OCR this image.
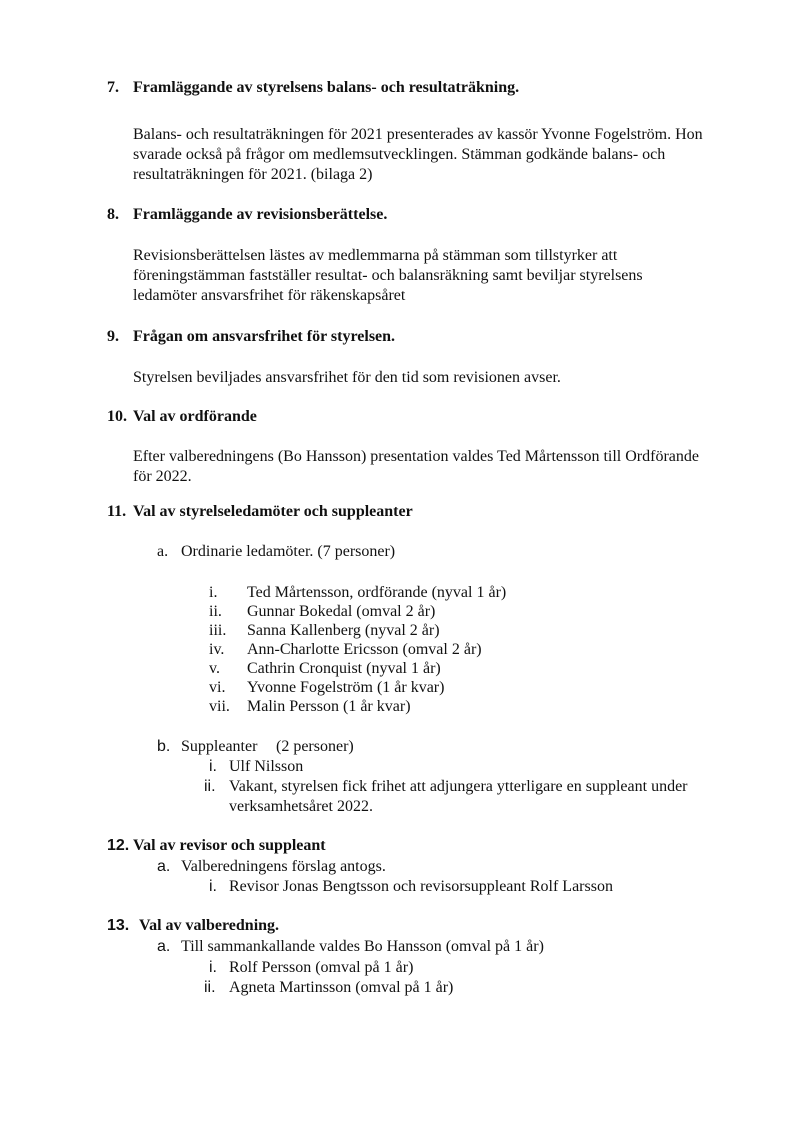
7. Framläggande av styrelsens balans- och resultaträkning.
Balans- och resultaträkningen för 2021 presenterades av kassör Yvonne Fogelström. Hon
svarade också på frågor om medlemsutvecklingen. Stämman godkände balans- och
resultaträkningen för 2021. (bilaga 2)
8. Framläggande av revisionsberättelse.
Revisionsberättelsen lästes av medlemmarna på stämman som tillstyrker att
föreningstämman fastställer resultat- och balansräkning samt beviljar styrelsens
ledamöter ansvarsfrihet för räkenskapsåret
9. Frågan om ansvarsfrihet för styrelsen.
Styrelsen beviljades ansvarsfrihet för den tid som revisionen avser.
10. Val av ordförande
Efter valberedningens (Bo Hansson) presentation valdes Ted Mårtensson till Ordförande
för 2022.
11. Val av styrelseledamöter och suppleanter
a. Ordinarie ledamöter. (7 personer)
i. Ted Mårtensson, ordförande (nyval 1 år)
ii. Gunnar Bokedal (omval 2 år)
iii. Sanna Kallenberg (nyval 2 år)
iv. Ann-Charlotte Ericsson (omval 2 år)
v. Cathrin Cronquist (nyval 1 år)
vi. Yvonne Fogelström (1 år kvar)
vii. Malin Persson (1 år kvar)
b. Suppleanter (2 personer)
i. Ulf Nilsson
ii. Vakant, styrelsen fick frihet att adjungera ytterligare en suppleant under
verksamhetsåret 2022.
12. Val av revisor och suppleant
a. Valberedningens förslag antogs.
i. Revisor Jonas Bengtsson och revisorsuppleant Rolf Larsson
13. Val av valberedning.
a. Till sammankallande valdes Bo Hansson (omval på 1 år)
i. Rolf Persson (omval på 1 år)
ii. Agneta Martinsson (omval på 1 år)
